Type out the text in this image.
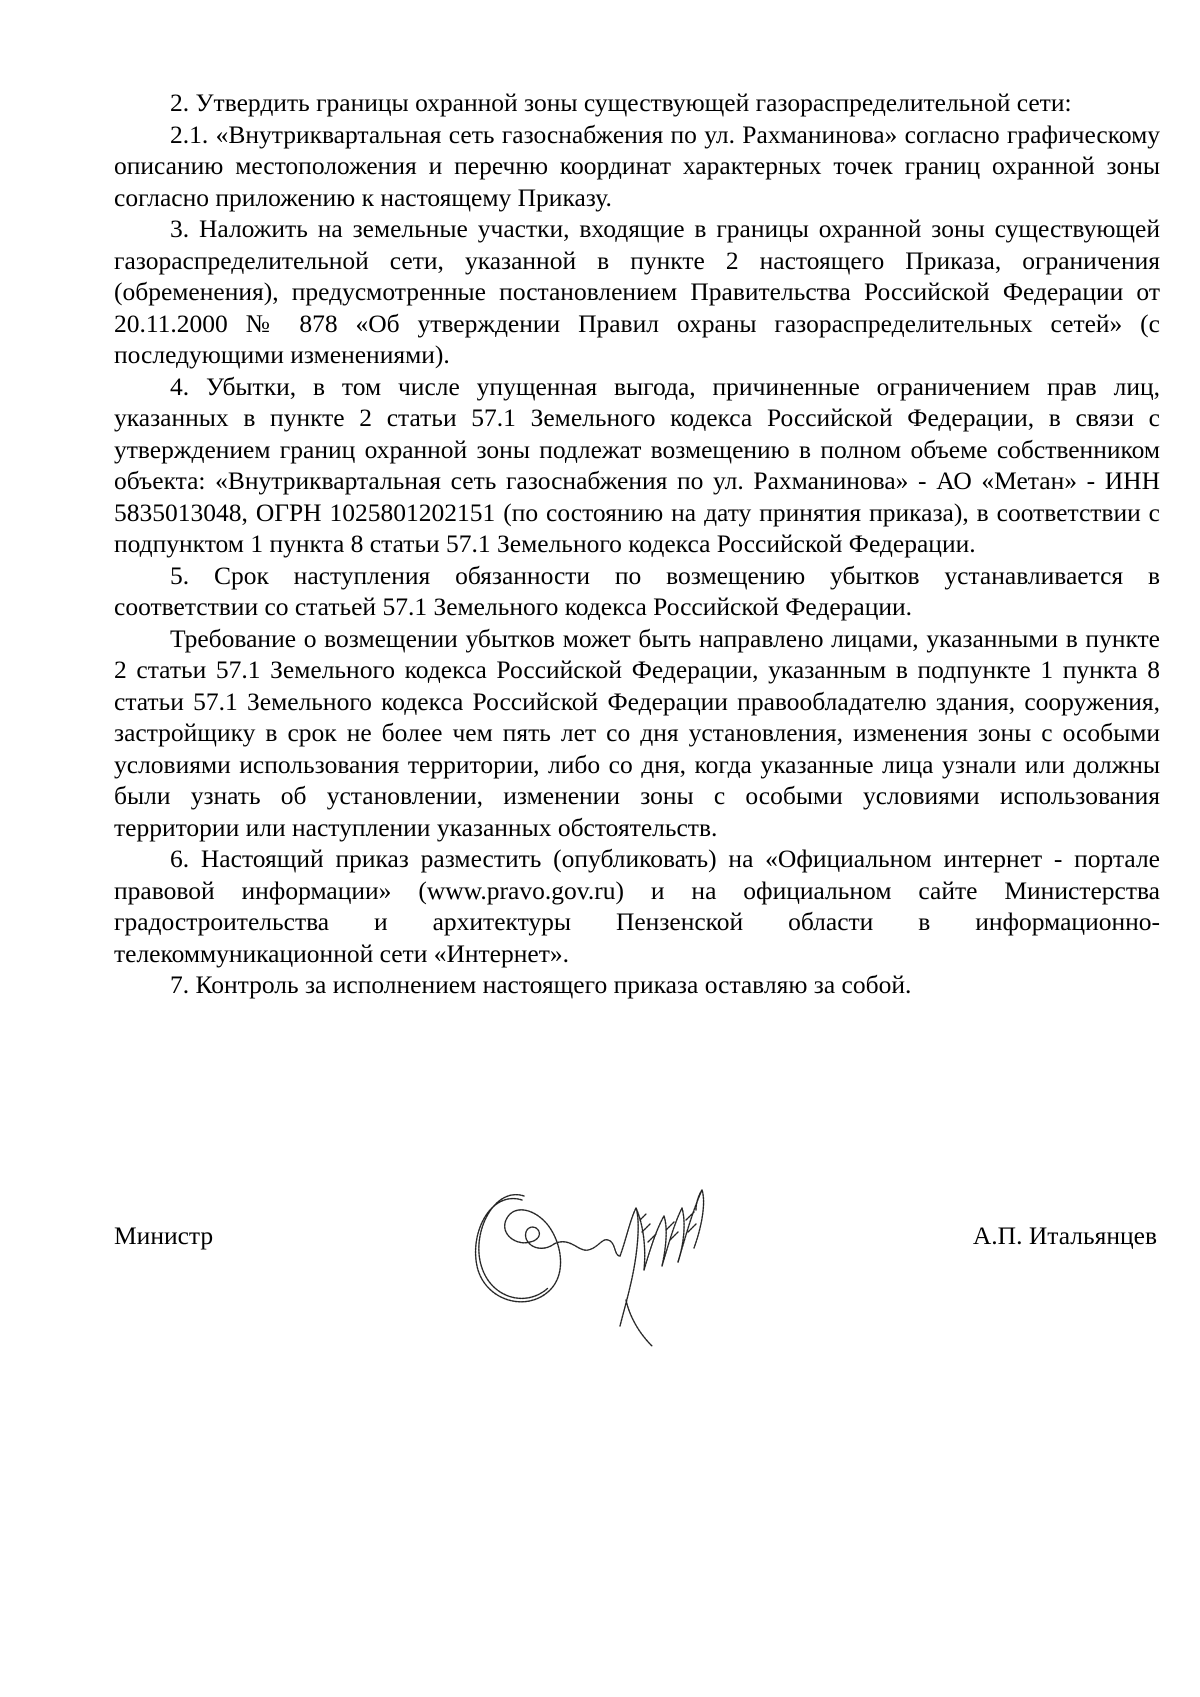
2. Утвердить границы охранной зоны существующей газораспределительной сети:

2.1. «Внутриквартальная сеть газоснабжения по ул. Рахманинова» согласно графическому описанию местоположения и перечню координат характерных точек границ охранной зоны согласно приложению к настоящему Приказу.

3. Наложить на земельные участки, входящие в границы охранной зоны существующей газораспределительной сети, указанной в пункте 2 настоящего Приказа, ограничения (обременения), предусмотренные постановлением Правительства Российской Федерации от 20.11.2000 № 878 «Об утверждении Правил охраны газораспределительных сетей» (с последующими изменениями).

4. Убытки, в том числе упущенная выгода, причиненные ограничением прав лиц, указанных в пункте 2 статьи 57.1 Земельного кодекса Российской Федерации, в связи с утверждением границ охранной зоны подлежат возмещению в полном объеме собственником объекта: «Внутриквартальная сеть газоснабжения по ул. Рахманинова» - АО «Метан» - ИНН 5835013048, ОГРН 1025801202151 (по состоянию на дату принятия приказа), в соответствии с подпунктом 1 пункта 8 статьи 57.1 Земельного кодекса Российской Федерации.

5. Срок наступления обязанности по возмещению убытков устанавливается в соответствии со статьей 57.1 Земельного кодекса Российской Федерации.

Требование о возмещении убытков может быть направлено лицами, указанными в пункте 2 статьи 57.1 Земельного кодекса Российской Федерации, указанным в подпункте 1 пункта 8 статьи 57.1 Земельного кодекса Российской Федерации правообладателю здания, сооружения, застройщику в срок не более чем пять лет со дня установления, изменения зоны с особыми условиями использования территории, либо со дня, когда указанные лица узнали или должны были узнать об установлении, изменении зоны с особыми условиями использования территории или наступлении указанных обстоятельств.

6. Настоящий приказ разместить (опубликовать) на «Официальном интернет - портале правовой информации» (www.pravo.gov.ru) и на официальном сайте Министерства градостроительства и архитектуры Пензенской области в информационно-телекоммуникационной сети «Интернет».

7. Контроль за исполнением настоящего приказа оставляю за собой.

Министр	А.П. Итальянцев
